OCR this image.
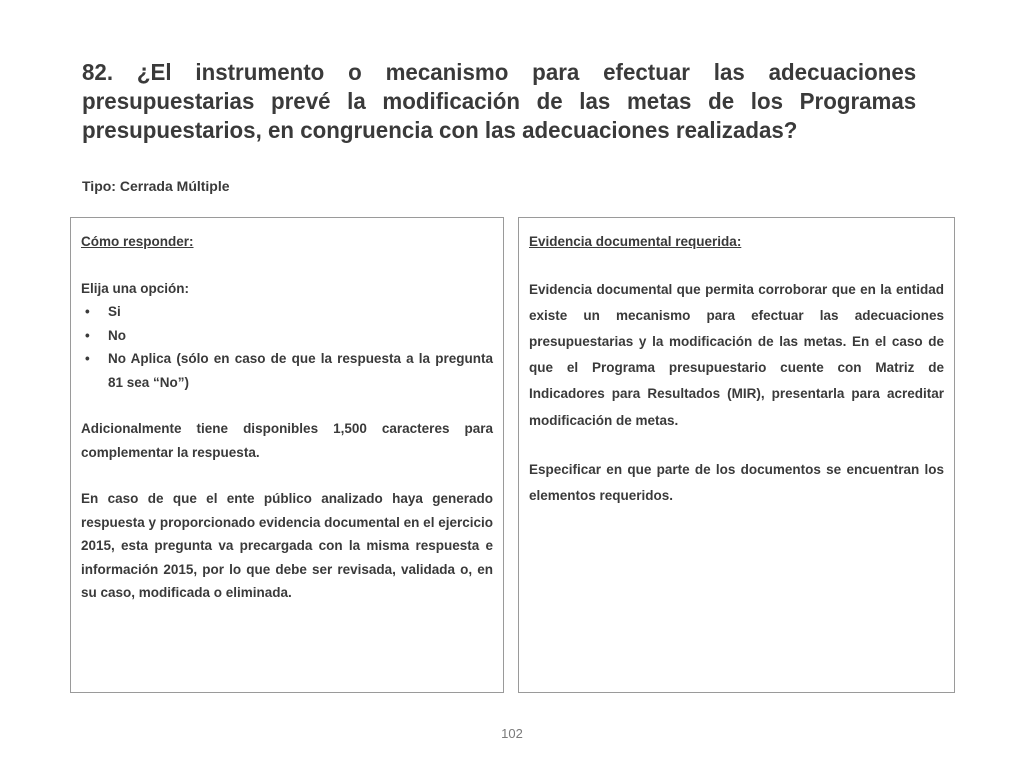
82. ¿El instrumento o mecanismo para efectuar las adecuaciones presupuestarias prevé la modificación de las metas de los Programas presupuestarios, en congruencia con las adecuaciones realizadas?

Tipo: Cerrada Múltiple
Cómo responder:
Elija una opción:
• Si
• No
• No Aplica (sólo en caso de que la respuesta a la pregunta 81 sea “No”)
Adicionalmente tiene disponibles 1,500 caracteres para complementar la respuesta.
En caso de que el ente público analizado haya generado respuesta y proporcionado evidencia documental en el ejercicio 2015, esta pregunta va precargada con la misma respuesta e información 2015, por lo que debe ser revisada, validada o, en su caso, modificada o eliminada.
Evidencia documental requerida:
Evidencia documental que permita corroborar que en la entidad existe un mecanismo para efectuar las adecuaciones presupuestarias y la modificación de las metas. En el caso de que el Programa presupuestario cuente con Matriz de Indicadores para Resultados (MIR), presentarla para acreditar modificación de metas.
Especificar en que parte de los documentos se encuentran los elementos requeridos.
102
